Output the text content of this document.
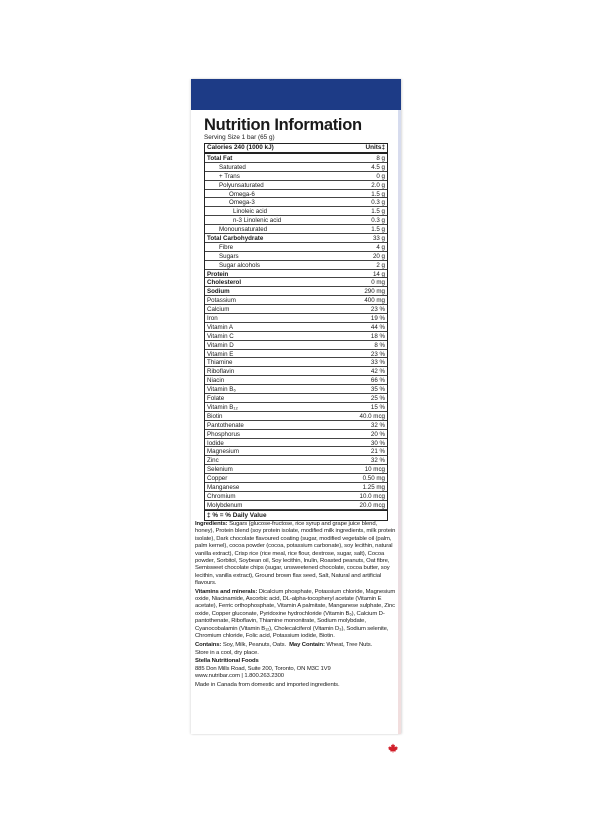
Nutrition Information
Serving Size 1 bar (65 g)
Calories 240 (1000 kJ)	Units‡
Total Fat	8 g
Saturated	4.5 g
+ Trans	0 g
Polyunsaturated	2.0 g
Omega-6	1.5 g
Omega-3	0.3 g
Linoleic acid	1.5 g
n-3 Linolenic acid	0.3 g
Monounsaturated	1.5 g
Total Carbohydrate	33 g
Fibre	4 g
Sugars	20 g
Sugar alcohols	2 g
Protein	14 g
Cholesterol	0 mg
Sodium	290 mg
Potassium	400 mg
Calcium	23 %
Iron	19 %
Vitamin A	44 %
Vitamin C	18 %
Vitamin D	8 %
Vitamin E	23 %
Thiamine	33 %
Riboflavin	42 %
Niacin	66 %
Vitamin B₆	35 %
Folate	25 %
Vitamin B₁₂	15 %
Biotin	40.0 mcg
Pantothenate	32 %
Phosphorus	20 %
Iodide	30 %
Magnesium	21 %
Zinc	32 %
Selenium	10 mcg
Copper	0.50 mg
Manganese	1.25 mg
Chromium	10.0 mcg
Molybdenum	20.0 mcg
‡ % = % Daily Value

Ingredients: Sugars (glucose-fructose, rice syrup and grape juice blend, honey), Protein blend (soy protein isolate, modified milk ingredients, milk protein isolate), Dark chocolate flavoured coating (sugar, modified vegetable oil (palm, palm kernel), cocoa powder (cocoa, potassium carbonate), soy lecithin, natural vanilla extract), Crisp rice (rice meal, rice flour, dextrose, sugar, salt), Cocoa powder, Sorbitol, Soybean oil, Soy lecithin, Inulin, Roasted peanuts, Oat fibre, Semisweet chocolate chips (sugar, unsweetened chocolate, cocoa butter, soy lecithin, vanilla extract), Ground brown flax seed, Salt, Natural and artificial flavours.

Vitamins and minerals: Dicalcium phosphate, Potassium chloride, Magnesium oxide, Niacinamide, Ascorbic acid, DL-alpha-tocopheryl acetate (Vitamin E acetate), Ferric orthophosphate, Vitamin A palmitate, Manganese sulphate, Zinc oxide, Copper gluconate, Pyridoxine hydrochloride (Vitamin B₆), Calcium D-pantothenate, Riboflavin, Thiamine mononitrate, Sodium molybdate, Cyanocobalamin (Vitamin B₁₂), Cholecalciferol (Vitamin D₃), Sodium selenite, Chromium chloride, Folic acid, Potassium iodide, Biotin.

Contains: Soy, Milk, Peanuts, Oats. May Contain: Wheat, Tree Nuts.

Store in a cool, dry place.

Stella Nutritional Foods

885 Don Mills Road, Suite 200, Toronto, ON M3C 1V9

www.nutribar.com | 1.800.263.2300

Made in Canada from domestic and imported ingredients.
